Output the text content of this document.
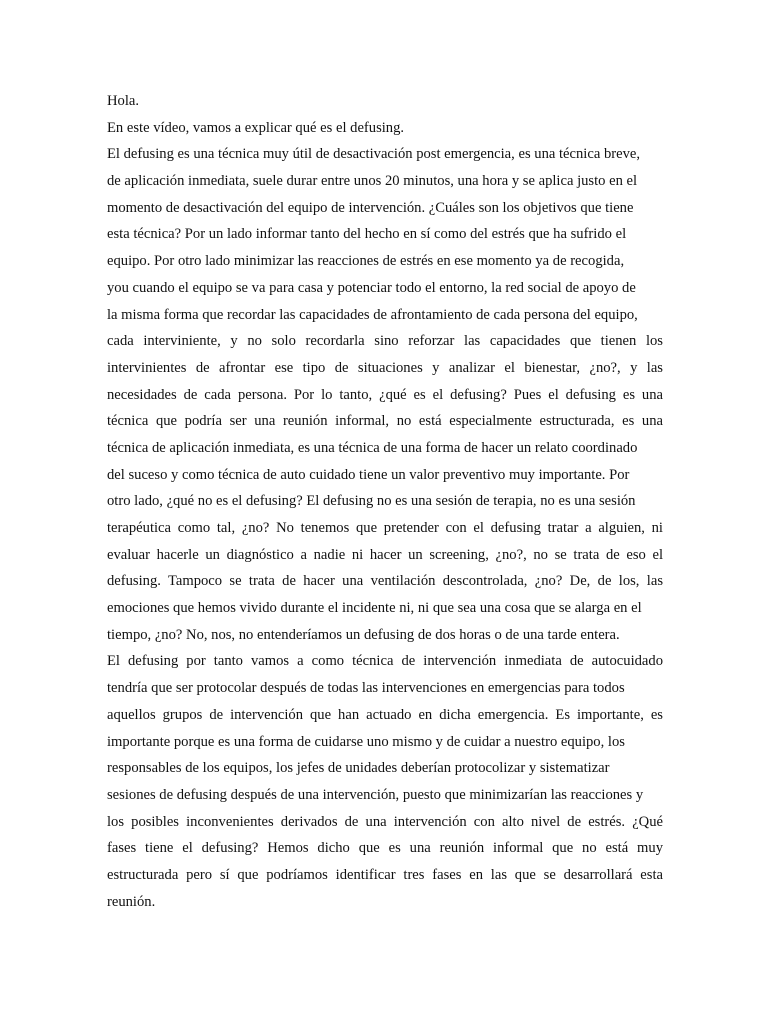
Hola.
En este vídeo, vamos a explicar qué es el defusing.
El defusing es una técnica muy útil de desactivación post emergencia, es una técnica breve,
de aplicación inmediata, suele durar entre unos 20 minutos, una hora y se aplica justo en el
momento de desactivación del equipo de intervención. ¿Cuáles son los objetivos que tiene
esta técnica? Por un lado informar tanto del hecho en sí como del estrés que ha sufrido el
equipo. Por otro lado minimizar las reacciones de estrés en ese momento ya de recogida,
you cuando el equipo se va para casa y potenciar todo el entorno, la red social de apoyo de
la misma forma que recordar las capacidades de afrontamiento de cada persona del equipo,
cada interviniente, y no solo recordarla sino reforzar las capacidades que tienen los
intervinientes de afrontar ese tipo de situaciones y analizar el bienestar, ¿no?, y las
necesidades de cada persona. Por lo tanto, ¿qué es el defusing? Pues el defusing es una
técnica que podría ser una reunión informal, no está especialmente estructurada, es una
técnica de aplicación inmediata, es una técnica de una forma de hacer un relato coordinado
del suceso y como técnica de auto cuidado tiene un valor preventivo muy importante. Por
otro lado, ¿qué no es el defusing? El defusing no es una sesión de terapia, no es una sesión
terapéutica como tal, ¿no? No tenemos que pretender con el defusing tratar a alguien, ni
evaluar hacerle un diagnóstico a nadie ni hacer un screening, ¿no?, no se trata de eso el
defusing. Tampoco se trata de hacer una ventilación descontrolada, ¿no? De, de los, las
emociones que hemos vivido durante el incidente ni, ni que sea una cosa que se alarga en el
tiempo, ¿no? No, nos, no entenderíamos un defusing de dos horas o de una tarde entera.
El defusing por tanto vamos a como técnica de intervención inmediata de autocuidado
tendría que ser protocolar después de todas las intervenciones en emergencias para todos
aquellos grupos de intervención que han actuado en dicha emergencia. Es importante, es
importante porque es una forma de cuidarse uno mismo y de cuidar a nuestro equipo, los
responsables de los equipos, los jefes de unidades deberían protocolizar y sistematizar
sesiones de defusing después de una intervención, puesto que minimizarían las reacciones y
los posibles inconvenientes derivados de una intervención con alto nivel de estrés. ¿Qué
fases tiene el defusing? Hemos dicho que es una reunión informal que no está muy
estructurada pero sí que podríamos identificar tres fases en las que se desarrollará esta
reunión.
